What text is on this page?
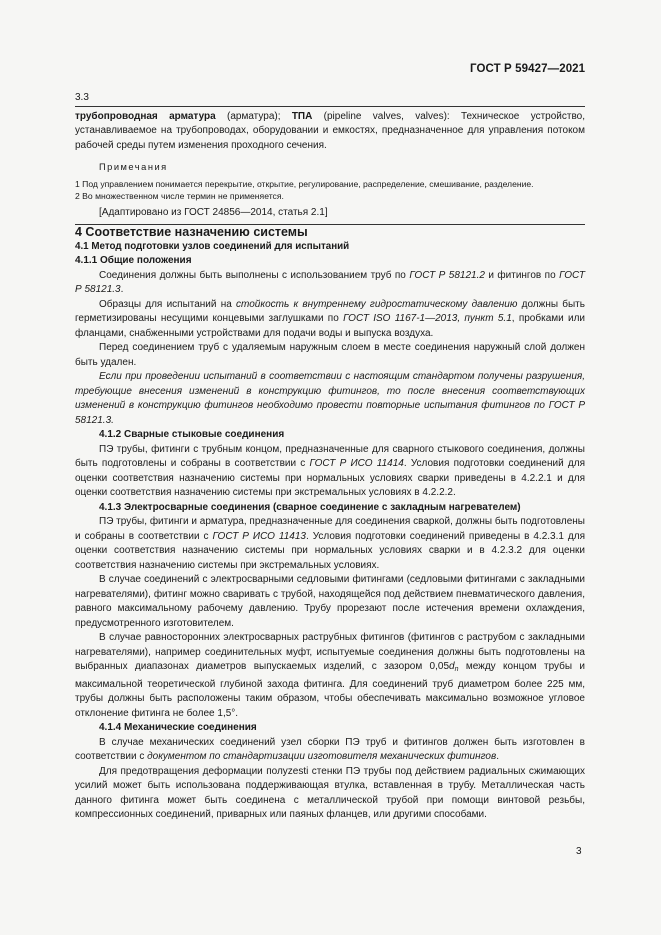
ГОСТ Р 59427—2021

3.3

трубопроводная арматура (арматура); ТПА (pipeline valves, valves): Техническое устройство, устанавливаемое на трубопроводах, оборудовании и емкостях, предназначенное для управления потоком рабочей среды путем изменения проходного сечения.

Примечания

1 Под управлением понимается перекрытие, открытие, регулирование, распределение, смешивание, разделение.

2 Во множественном числе термин не применяется.

[Адаптировано из ГОСТ 24856—2014, статья 2.1]

4 Соответствие назначению системы

4.1 Метод подготовки узлов соединений для испытаний

4.1.1 Общие положения

Соединения должны быть выполнены с использованием труб по ГОСТ Р 58121.2 и фитингов по ГОСТ Р 58121.3.

Образцы для испытаний на стойкость к внутреннему гидростатическому давлению должны быть герметизированы несущими концевыми заглушками по ГОСТ ISO 1167-1—2013, пункт 5.1, пробками или фланцами, снабженными устройствами для подачи воды и выпуска воздуха.

Перед соединением труб с удаляемым наружным слоем в месте соединения наружный слой должен быть удален.

Если при проведении испытаний в соответствии с настоящим стандартом получены разрушения, требующие внесения изменений в конструкцию фитингов, то после внесения соответствующих изменений в конструкцию фитингов необходимо провести повторные испытания фитингов по ГОСТ Р 58121.3.

4.1.2 Сварные стыковые соединения

ПЭ трубы, фитинги с трубным концом, предназначенные для сварного стыкового соединения, должны быть подготовлены и собраны в соответствии с ГОСТ Р ИСО 11414. Условия подготовки соединений для оценки соответствия назначению системы при нормальных условиях сварки приведены в 4.2.2.1 и для оценки соответствия назначению системы при экстремальных условиях в 4.2.2.2.

4.1.3 Электросварные соединения (сварное соединение с закладным нагревателем)

ПЭ трубы, фитинги и арматура, предназначенные для соединения сваркой, должны быть подготовлены и собраны в соответствии с ГОСТ Р ИСО 11413. Условия подготовки соединений приведены в 4.2.3.1 для оценки соответствия назначению системы при нормальных условиях сварки и в 4.2.3.2 для оценки соответствия назначению системы при экстремальных условиях.

В случае соединений с электросварными седловыми фитингами (седловыми фитингами с закладными нагревателями), фитинг можно сваривать с трубой, находящейся под действием пневматического давления, равного максимальному рабочему давлению. Трубу прорезают после истечения времени охлаждения, предусмотренного изготовителем.

В случае равносторонних электросварных раструбных фитингов (фитингов с раструбом с закладными нагревателями), например соединительных муфт, испытуемые соединения должны быть подготовлены на выбранных диапазонах диаметров выпускаемых изделий, с зазором $0,05d_n$ между концом трубы и максимальной теоретической глубиной захода фитинга. Для соединений труб диаметром более 225 мм, трубы должны быть расположены таким образом, чтобы обеспечивать максимально возможное угловое отклонение фитинга не более 1,5°.

4.1.4 Механические соединения

В случае механических соединений узел сборки ПЭ труб и фитингов должен быть изготовлен в соответствии с документом по стандартизации изготовителя механических фитингов.

Для предотвращения деформации полуzesti стенки ПЭ трубы под действием радиальных сжимающих усилий может быть использована поддерживающая втулка, вставленная в трубу. Металлическая часть данного фитинга может быть соединена с металлической трубой при помощи винтовой резьбы, компрессионных соединений, приварных или паяных фланцев, или другими способами.

3
